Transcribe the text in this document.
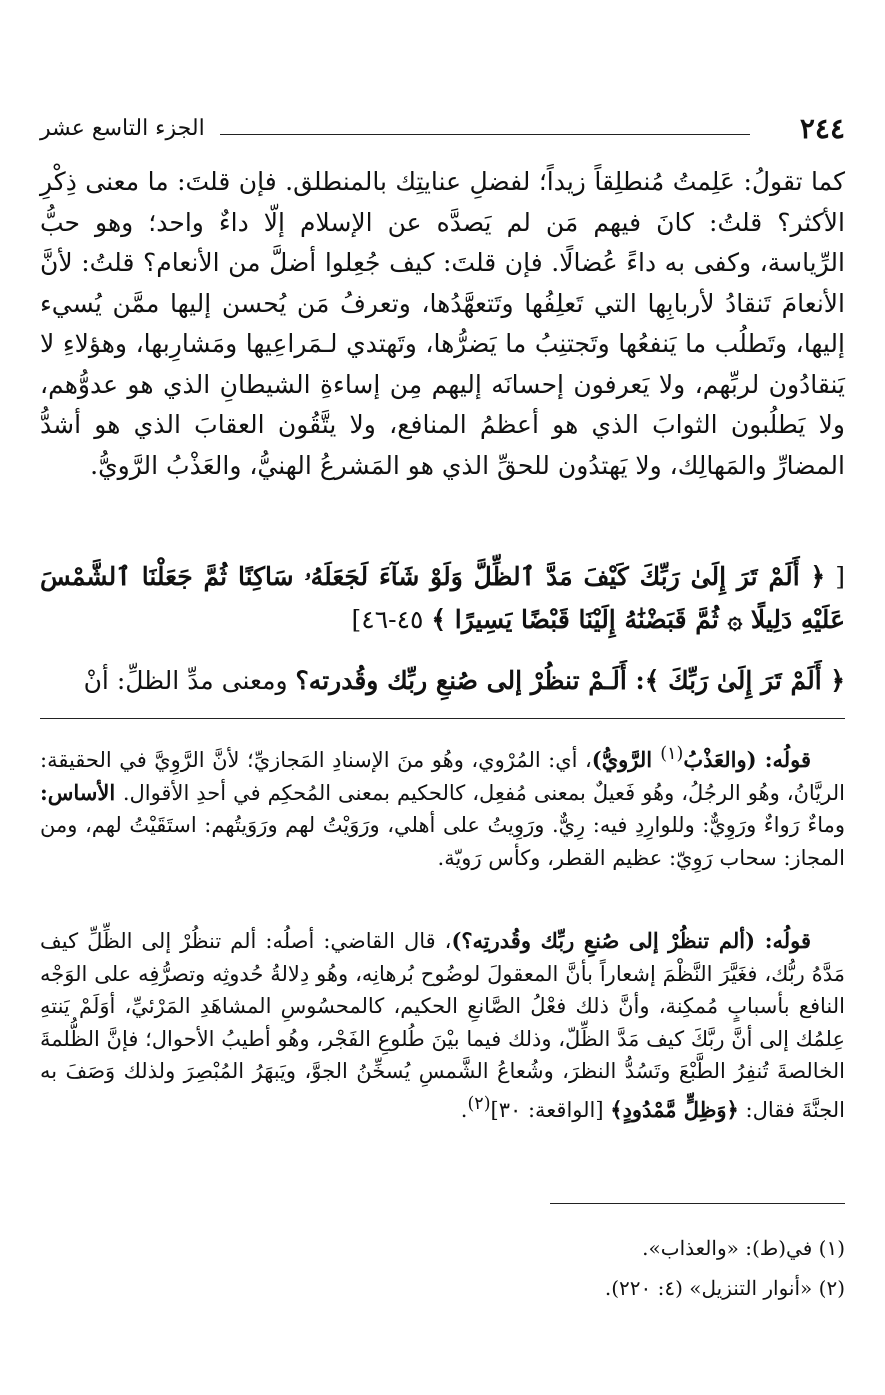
٢٤٤
الجزء التاسع عشر

كما تقولُ: عَلِمتُ مُنطلِقاً زيداً؛ لفضلِ عنايتِك بالمنطلق. فإن قلتَ: ما معنى ذِكْرِ الأكثر؟ قلتُ: كانَ فيهم مَن لم يَصدَّه عن الإسلام إلّا داءٌ واحد؛ وهو حبُّ الرِّياسة، وكفى به داءً عُضالًا. فإن قلتَ: كيف جُعِلوا أضلَّ من الأنعام؟ قلتُ: لأنَّ الأنعامَ تَنقادُ لأربابِها التي تَعلِفُها وتَتعهَّدُها، وتعرفُ مَن يُحسن إليها ممَّن يُسيء إليها، وتَطلُب ما يَنفعُها وتَجتنِبُ ما يَضرُّها، وتَهتدي لـمَراعِيها ومَشارِبها، وهؤلاءِ لا يَنقادُون لربِّهم، ولا يَعرفون إحسانَه إليهم مِن إساءةِ الشيطانِ الذي هو عدوُّهم، ولا يَطلُبون الثوابَ الذي هو أعظمُ المنافع، ولا يتَّقُون العقابَ الذي هو أشدُّ المضارِّ والمَهالِك، ولا يَهتدُون للحقِّ الذي هو المَشرعُ الهنيُّ، والعَذْبُ الرَّويُّ.

[ ﴿ أَلَمْ تَرَ إِلَىٰ رَبِّكَ كَيْفَ مَدَّ ٱلظِّلَّ وَلَوْ شَآءَ لَجَعَلَهُۥ سَاكِنًا ثُمَّ جَعَلْنَا ٱلشَّمْسَ عَلَيْهِ دَلِيلًا ۞ ثُمَّ قَبَضْنَٰهُ إِلَيْنَا قَبْضًا يَسِيرًا ﴾ ٤٥-٤٦]

﴿ أَلَمْ تَرَ إِلَىٰ رَبِّكَ ﴾: أَلَـمْ تنظُرْ إلى صُنعِ ربِّك وقُدرته؟ ومعنى مدِّ الظلِّ: أنْ

قولُه: (والعَذْبُ$^{(١)}$ الرَّويُّ)، أي: المُرْوي، وهُو منَ الإسنادِ المَجازيِّ؛ لأنَّ الرَّوِيَّ في الحقيقة: الريَّانُ، وهُو الرجُلُ، وهُو فَعيلٌ بمعنى مُفعِل، كالحكيم بمعنى المُحكِم في أحدِ الأقوال. الأساس: وماءٌ رَواءٌ ورَوِيٌّ: وللوارِدِ فيه: رِيٌّ. ورَوِيتُ على أهلي، ورَوَيْتُ لهم ورَوَيتُهم: استَقَيْتُ لهم، ومن المجاز: سحاب رَوِيّ: عظيم القطر، وكأس رَويّة.

قولُه: (ألم تنظُرْ إلى صُنعِ ربِّك وقُدرتِه؟)، قال القاضي: أصلُه: ألم تنظُرْ إلى الظِّلِّ كيف مَدَّهُ ربُّك، فغَيَّرَ النَّظْمَ إشعاراً بأنَّ المعقولَ لوضُوح بُرهانِه، وهُو دِلالةُ حُدوثِه وتصرُّفِه على الوَجْه النافع بأسبابٍ مُمكِنة، وأنَّ ذلك فعْلُ الصَّانعِ الحكيم، كالمحسُوسِ المشاهَدِ المَرْئيِّ، أوَلَمْ يَنتهِ عِلمُك إلى أنَّ ربَّكَ كيف مَدَّ الظِّلّ، وذلك فيما بيْنَ طُلوعِ الفَجْر، وهُو أطيبُ الأحوال؛ فإنَّ الظُّلمةَ الخالصةَ تُنفِرُ الطَّبْعَ وتَسُدُّ النظرَ، وشُعاعُ الشَّمسِ يُسخِّنُ الجوَّ، ويَبهَرُ المُبْصِرَ ولذلك وَصَفَ به الجنَّةَ فقال: ﴿وَظِلٍّ مَّمْدُودٍ﴾ [الواقعة: ٣٠]$^{(٢)}$.

(١) في(ط): «والعذاب».

(٢) «أنوار التنزيل» (٤: ٢٢٠).
